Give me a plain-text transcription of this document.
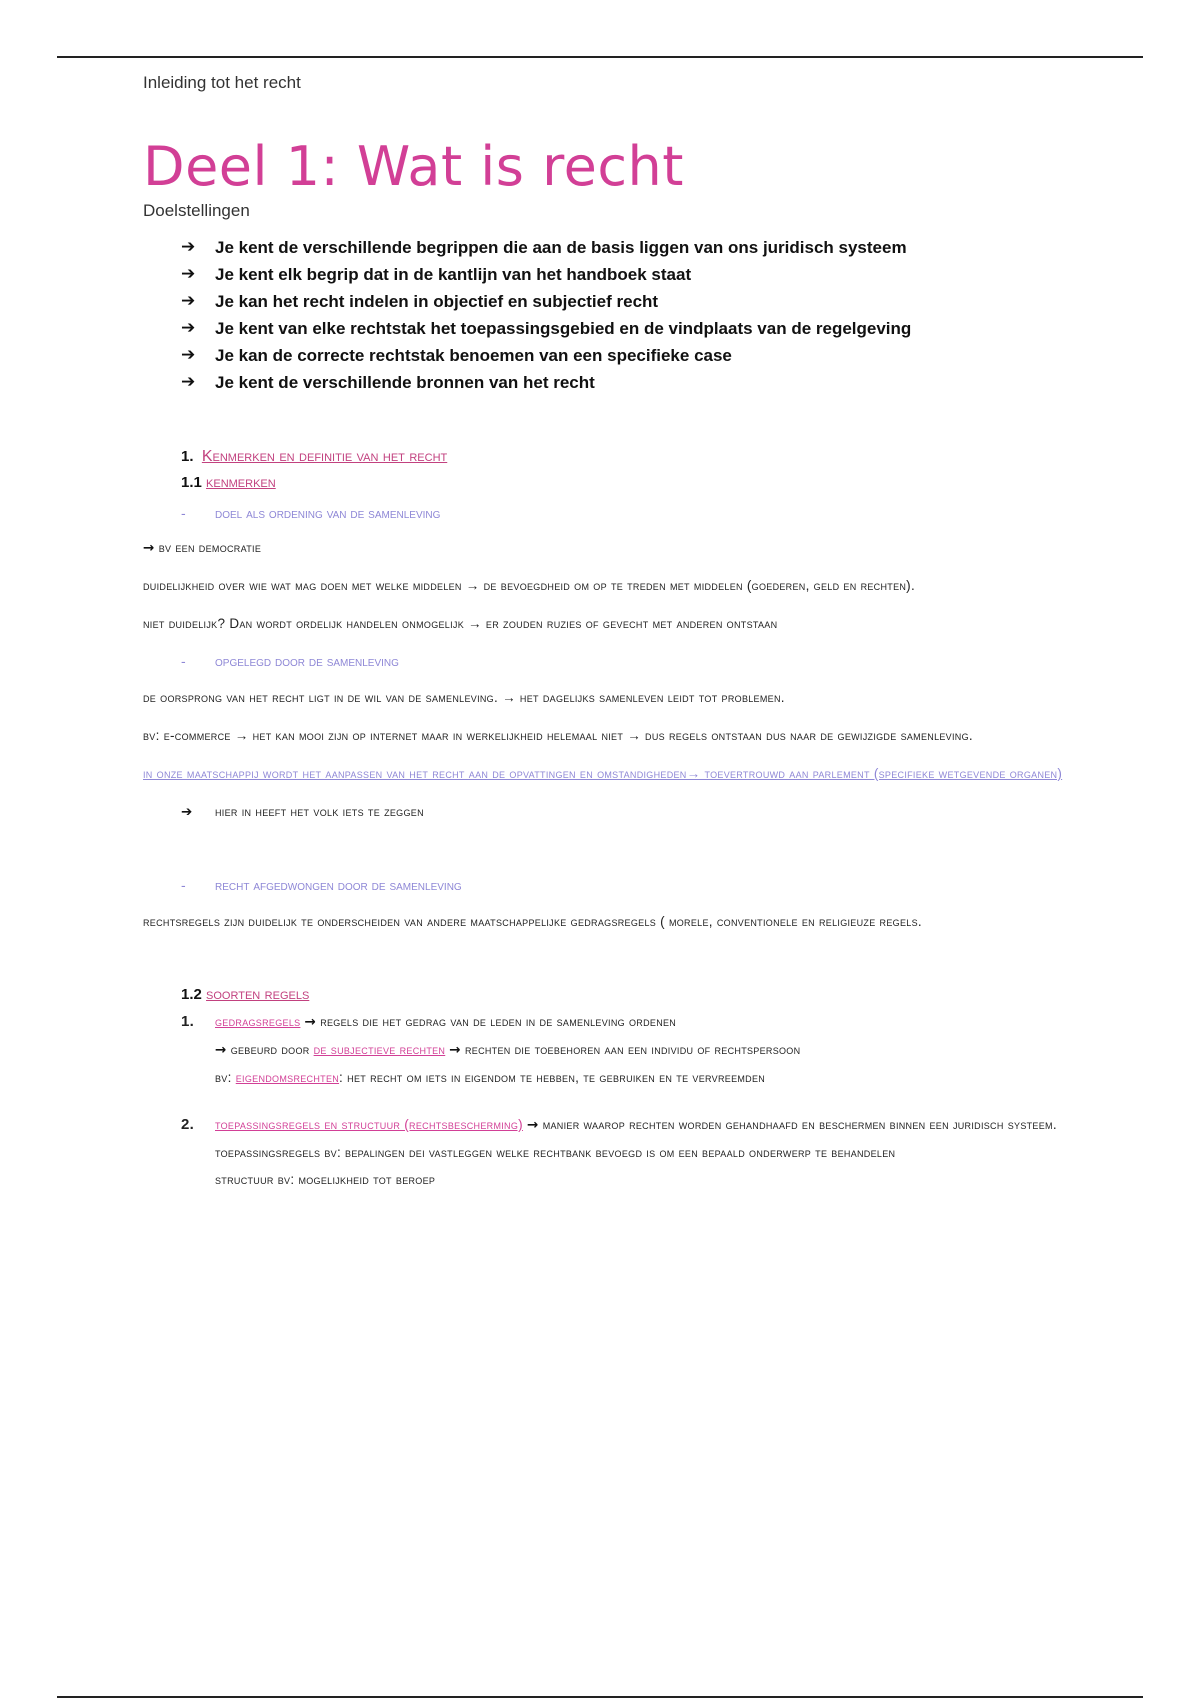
Inleiding tot het recht

Deel 1: Wat is recht

Doelstellingen

➔ Je kent de verschillende begrippen die aan de basis liggen van ons juridisch systeem
➔ Je kent elk begrip dat in de kantlijn van het handboek staat
➔ Je kan het recht indelen in objectief en subjectief recht
➔ Je kent van elke rechtstak het toepassingsgebied en de vindplaats van de regelgeving
➔ Je kan de correcte rechtstak benoemen van een specifieke case
➔ Je kent de verschillende bronnen van het recht

1. Kenmerken en definitie van het recht

1.1 kenmerken

- doel als ordening van de samenleving

→ bv een democratie

duidelijkheid over wie wat mag doen met welke middelen → de bevoegdheid om op te treden met middelen (goederen, geld en rechten).

niet duidelijk? Dan wordt ordelijk handelen onmogelijk → er zouden ruzies of gevecht met anderen ontstaan

- opgelegd door de samenleving

de oorsprong van het recht ligt in de wil van de samenleving. → het dagelijks samenleven leidt tot problemen.

bv: e-commerce → het kan mooi zijn op internet maar in werkelijkheid helemaal niet → dus regels ontstaan dus naar de gewijzigde samenleving.

in onze maatschappij wordt het aanpassen van het recht aan de opvattingen en omstandigheden→ toevertrouwd aan parlement (specifieke wetgevende organen)

➔ hier in heeft het volk iets te zeggen

- recht afgedwongen door de samenleving

rechtsregels zijn duidelijk te onderscheiden van andere maatschappelijke gedragsregels ( morele, conventionele en religieuze regels.

1.2 soorten regels

1. gedragsregels → regels die het gedrag van de leden in de samenleving ordenen

→ gebeurd door de subjectieve rechten → rechten die toebehoren aan een individu of rechtspersoon

bv: eigendomsrechten: het recht om iets in eigendom te hebben, te gebruiken en te vervreemden

2. toepassingsregels en structuur (rechtsbescherming) → manier waarop rechten worden gehandhaafd en beschermen binnen een juridisch systeem.

toepassingsregels bv: bepalingen dei vastleggen welke rechtbank bevoegd is om een bepaald onderwerp te behandelen

structuur bv: mogelijkheid tot beroep
